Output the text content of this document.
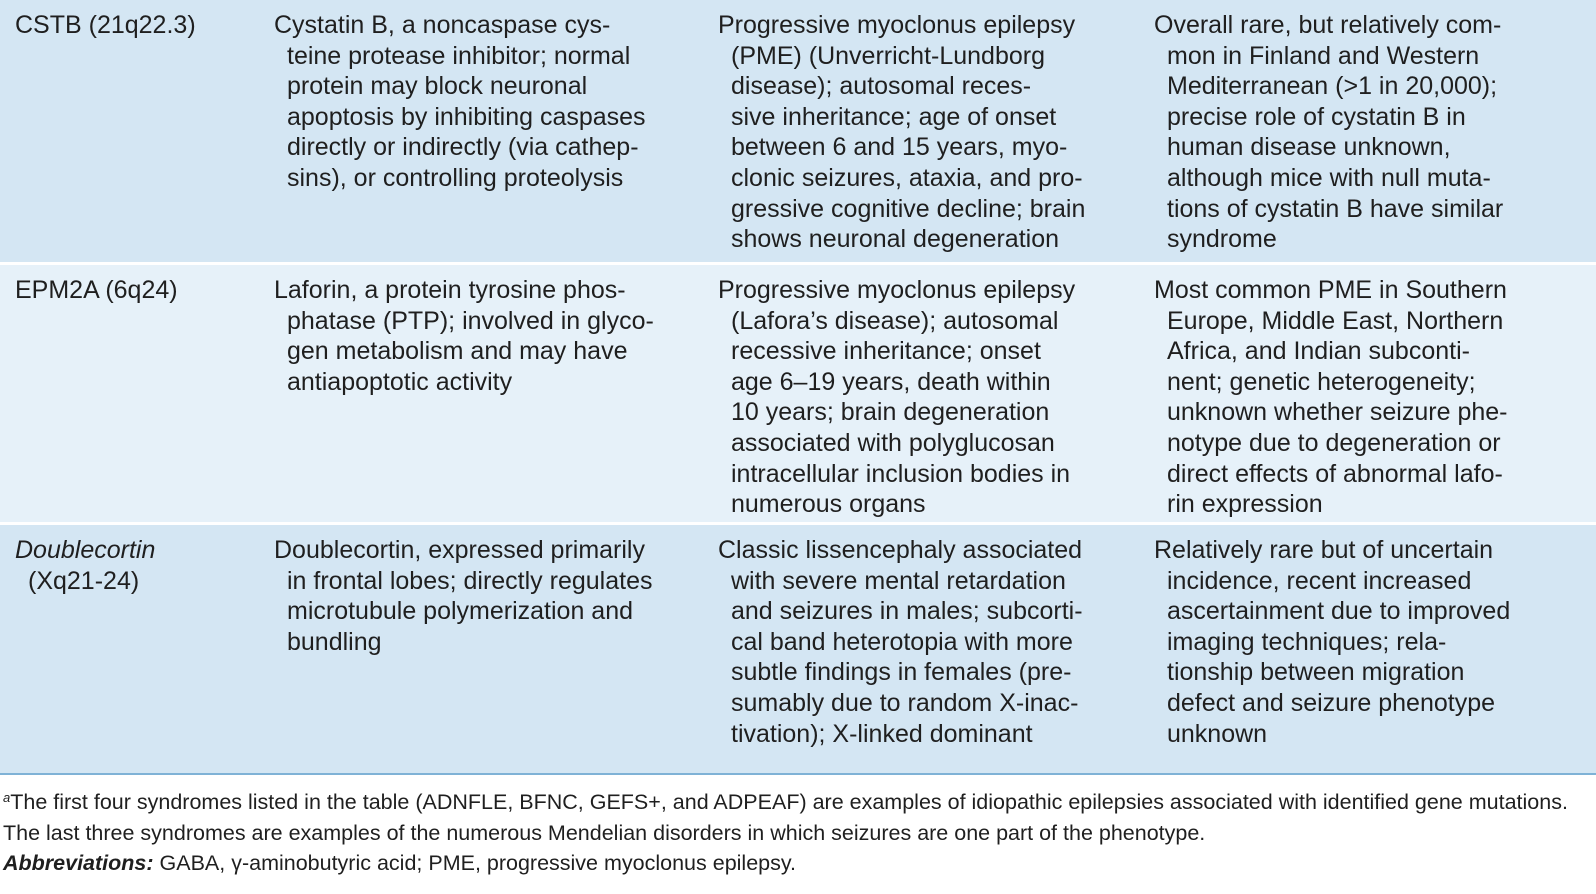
CSTB (21q22.3)	Cystatin B, a noncaspase cys-
teine protease inhibitor; normal
protein may block neuronal
apoptosis by inhibiting caspases
directly or indirectly (via cathep-
sins), or controlling proteolysis
Progressive myoclonus epilepsy
(PME) (Unverricht-Lundborg
disease); autosomal reces-
sive inheritance; age of onset
between 6 and 15 years, myo-
clonic seizures, ataxia, and pro-
gressive cognitive decline; brain
shows neuronal degeneration
Overall rare, but relatively com-
mon in Finland and Western
Mediterranean (>1 in 20,000);
precise role of cystatin B in
human disease unknown,
although mice with null muta-
tions of cystatin B have similar
syndrome
EPM2A (6q24)	Laforin, a protein tyrosine phos-
phatase (PTP); involved in glyco-
gen metabolism and may have
antiapoptotic activity
Progressive myoclonus epilepsy
(Lafora’s disease); autosomal
recessive inheritance; onset
age 6–19 years, death within
10 years; brain degeneration
associated with polyglucosan
intracellular inclusion bodies in
numerous organs
Most common PME in Southern
Europe, Middle East, Northern
Africa, and Indian subconti-
nent; genetic heterogeneity;
unknown whether seizure phe-
notype due to degeneration or
direct effects of abnormal lafo-
rin expression
Doublecortin
(Xq21-24)
Doublecortin, expressed primarily
in frontal lobes; directly regulates
microtubule polymerization and
bundling
Classic lissencephaly associated
with severe mental retardation
and seizures in males; subcorti-
cal band heterotopia with more
subtle findings in females (pre-
sumably due to random X-inac-
tivation); X-linked dominant
Relatively rare but of uncertain
incidence, recent increased
ascertainment due to improved
imaging techniques; rela-
tionship between migration
defect and seizure phenotype
unknown
$^a$The first four syndromes listed in the table (ADNFLE, BFNC, GEFS+, and ADPEAF) are examples of idiopathic epilepsies associated with identified gene mutations. The last three syndromes are examples of the numerous Mendelian disorders in which seizures are one part of the phenotype.
Abbreviations: GABA, γ-aminobutyric acid; PME, progressive myoclonus epilepsy.
